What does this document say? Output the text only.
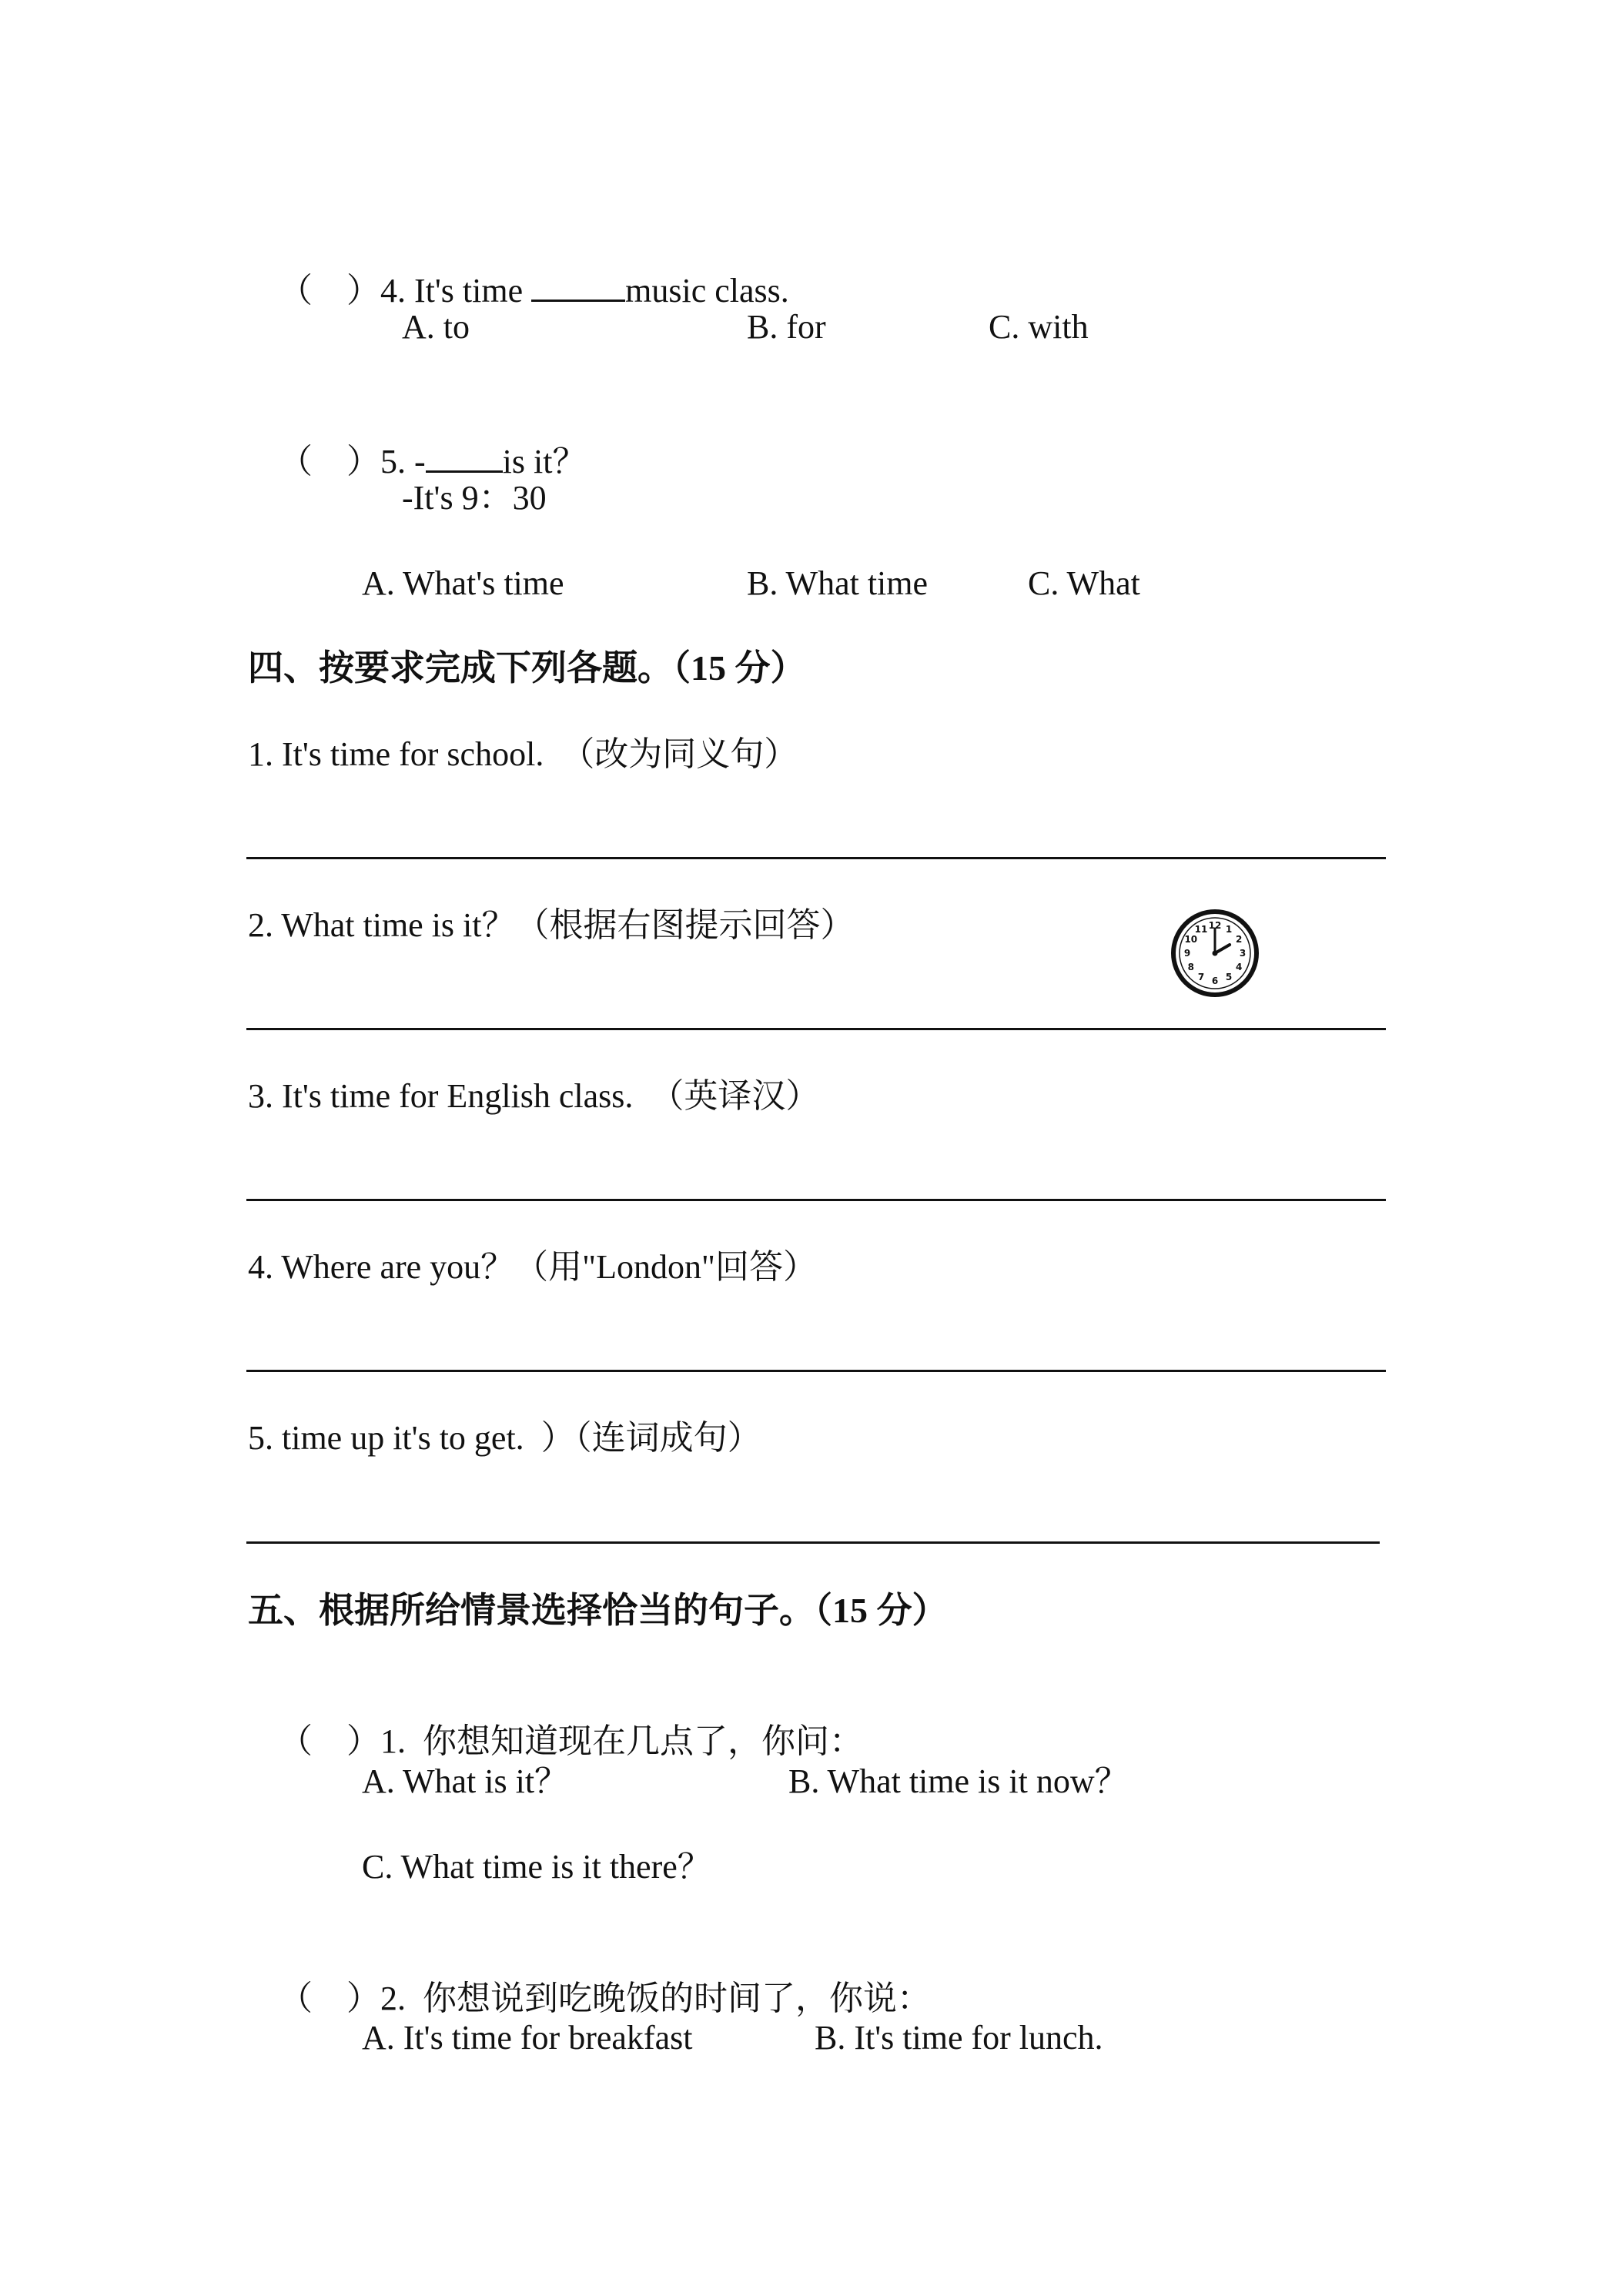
（    ）4. It's time	music class.

A. to	B. for	C. with

（    ）5. - is it？

-It's 9：30
A. What's time	B. What time	C. What
四、按要求完成下列各题。（15 分）
1. It's time for school.  （改为同义句）
2. What time is it？（根据右图提示回答）	12 1
2
3
4
5
6
7
8
9
10
11
3. It's time for English class.  （英译汉）
4. Where are you？（用"London"回答）
5. time up it's to get.  ）（连词成句）
五、根据所给情景选择恰当的句子。（15 分）

（    ）1.  你想知道现在几点了，你问：

A. What is it？	B. What time is it now？
C. What time is it there？

（    ）2.  你想说到吃晚饭的时间了，你说：

A. It's time for breakfast	B. It's time for lunch.
